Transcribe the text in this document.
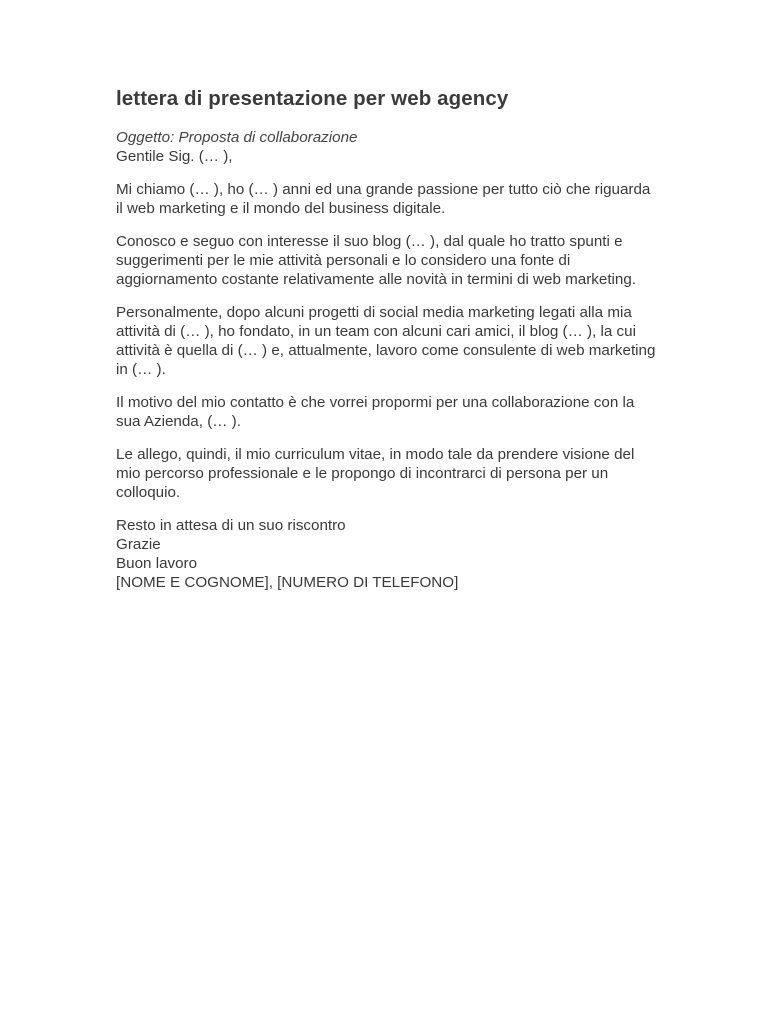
lettera di presentazione per web agency

Oggetto: Proposta di collaborazione

Gentile Sig. (… ),

Mi chiamo (… ), ho (… ) anni ed una grande passione per tutto ciò che riguarda il web marketing e il mondo del business digitale.

Conosco e seguo con interesse il suo blog (… ), dal quale ho tratto spunti e suggerimenti per le mie attività personali e lo considero una fonte di aggiornamento costante relativamente alle novità in termini di web marketing.

Personalmente, dopo alcuni progetti di social media marketing legati alla mia attività di (… ), ho fondato, in un team con alcuni cari amici, il blog (… ), la cui attività è quella di (… ) e, attualmente, lavoro come consulente di web marketing in (… ).

Il motivo del mio contatto è che vorrei propormi per una collaborazione con la sua Azienda, (… ).

Le allego, quindi, il mio curriculum vitae, in modo tale da prendere visione del mio percorso professionale e le propongo di incontrarci di persona per un colloquio.

Resto in attesa di un suo riscontro
Grazie
Buon lavoro
[NOME E COGNOME], [NUMERO DI TELEFONO]
